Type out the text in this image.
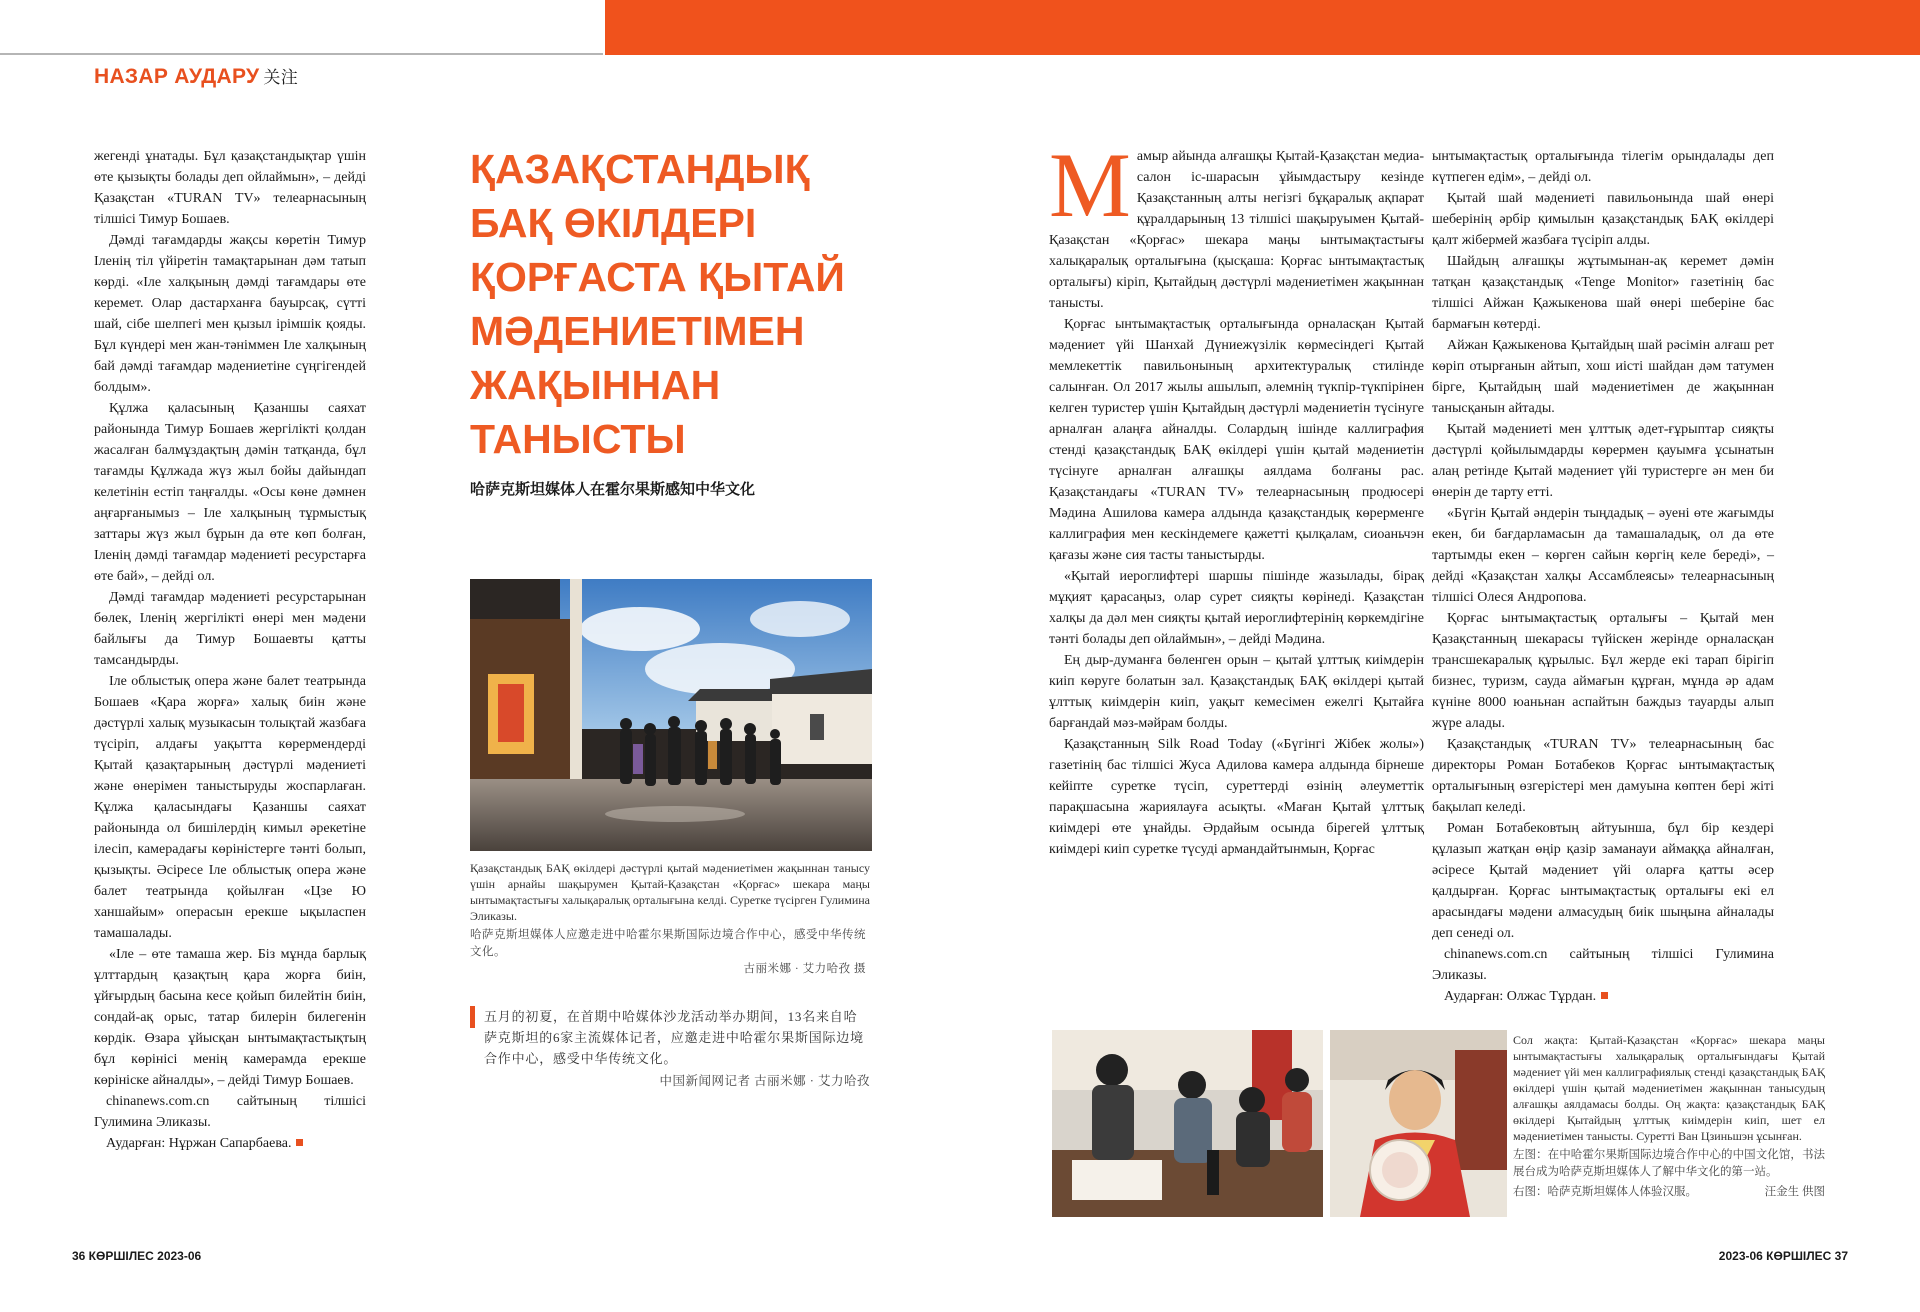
НАЗАР АУДАРУ 关注

жегенді ұнатады. Бұл қазақстандықтар үшін өте қызықты болады деп ойлаймын», – дейді Қазақстан «TURAN TV» телеарнасының тілшісі Тимур Бошаев.

Дәмді тағамдарды жақсы көретін Тимур Іленің тіл үйіретін тамақтарынан дәм татып көрді. «Іле халқының дәмді тағамдары өте керемет. Олар дастарханға бауырсақ, сүтті шай, сібе шелпегі мен қызыл ірімшік қояды. Бұл күндері мен жан-тәніммен Іле халқының бай дәмді тағамдар мәдениетіне сүңгігендей болдым».

Құлжа қаласының Қазаншы саяхат районында Тимур Бошаев жергілікті қолдан жасалған балмұздақтың дәмін татқанда, бұл тағамды Құлжада жүз жыл бойы дайындап келетінін естіп таңғалды. «Осы көне дәмнен аңғарғанымыз – Іле халқының тұрмыстық заттары жүз жыл бұрын да өте көп болған, Іленің дәмді тағамдар мәдениеті ресурстарға өте бай», – дейді ол.

Дәмді тағамдар мәдениеті ресурстарынан бөлек, Іленің жергілікті өнері мен мәдени байлығы да Тимур Бошаевты қатты тамсандырды.

Іле облыстық опера және балет театрында Бошаев «Қара жорға» халық биін және дәстүрлі халық музыкасын толықтай жазбаға түсіріп, алдағы уақытта көрермендерді Қытай қазақтарының дәстүрлі мәдениеті және өнерімен таныстыруды жоспарлаған. Құлжа қаласындағы Қазаншы саяхат районында ол бишілердің кимыл әрекетіне ілесіп, камерадағы көріністерге тәнті болып, қызықты. Әсіресе Іле облыстық опера және балет театрында қойылған «Цзе Ю ханшайым» операсын ерекше ықыласпен тамашалады.

«Іле – өте тамаша жер. Біз мұнда барлық ұлттардың қазақтың қара жорға биін, ұйғырдың басына кесе қойып билейтін биін, сондай-ақ орыс, татар билерін билегенін көрдік. Өзара ұйысқан ынтымақтастықтың бұл көрінісі менің камерамда ерекше көрініске айналды», – дейді Тимур Бошаев.

chinanews.com.cn сайтының тілшісі Гулимина Эликазы.

Аударған: Нұржан Сапарбаева.

ҚАЗАҚСТАНДЫҚ БАҚ ӨКІЛДЕРІ ҚОРҒАСТА ҚЫТАЙ МӘДЕНИЕТІМЕН ЖАҚЫННАН ТАНЫСТЫ
哈萨克斯坦媒体人在霍尔果斯感知中华文化
Қазақстандық БАҚ өкілдері дәстүрлі қытай мәдениетімен жақыннан танысу үшін арнайы шақырумен Қытай-Қазақстан «Қорғас» шекара маңы ынтымақтастығы халықаралық орталығына келді. Суретке түсірген Гулимина Эликазы.
哈萨克斯坦媒体人应邀走进中哈霍尔果斯国际边境合作中心，感受中华传统文化。
古丽米娜 · 艾力哈孜 摄

五月的初夏，在首期中哈媒体沙龙活动举办期间，13名来自哈萨克斯坦的6家主流媒体记者，应邀走进中哈霍尔果斯国际边境合作中心，感受中华传统文化。

中国新闻网记者 古丽米娜 · 艾力哈孜

Мамыр айында алғашқы Қытай-Қазақстан медиа-салон іс-шарасын ұйымдастыру кезінде Қазақстанның алты негізгі бұқаралық ақпарат құралдарының 13 тілшісі шақыруымен Қытай-Қазақстан «Қорғас» шекара маңы ынтымақтастығы халықаралық орталығына (қысқаша: Қорғас ынтымақтастық орталығы) кіріп, Қытайдың дәстүрлі мәдениетімен жақыннан танысты.

Қорғас ынтымақтастық орталығында орналасқан Қытай мәдениет үйі Шанхай Дүниежүзілік көрмесіндегі Қытай мемлекеттік павильонының архитектуралық стилінде салынған. Ол 2017 жылы ашылып, әлемнің түкпір-түкпірінен келген туристер үшін Қытайдың дәстүрлі мәдениетін түсінуге арналған алаңға айналды. Солардың ішінде каллиграфия стенді қазақстандық БАҚ өкілдері үшін қытай мәдениетін түсінуге арналған алғашқы аялдама болғаны рас. Қазақстандағы «TURAN TV» телеарнасының продюсері Мәдина Ашилова камера алдында қазақстандық көрерменге каллиграфия мен кескіндемеге қажетті қылқалам, сиоаньчэн қағазы және сия тасты таныстырды.

«Қытай иероглифтері шаршы пішінде жазылады, бірақ мұқият қарасаңыз, олар сурет сияқты көрінеді. Қазақстан халқы да дәл мен сияқты қытай иероглифтерінің көркемдігіне тәнті болады деп ойлаймын», – дейді Мәдина.

Ең дыр-думанға бөленген орын – қытай ұлттық киімдерін киіп көруге болатын зал. Қазақстандық БАҚ өкілдері қытай ұлттық киімдерін киіп, уақыт кемесімен ежелгі Қытайға барғандай мәз-мәйрам болды.

Қазақстанның Silk Road Today («Бүгінгі Жібек жолы») газетінің бас тілшісі Жуса Адилова камера алдында бірнеше кейіпте суретке түсіп, суреттерді өзінің әлеуметтік парақшасына жариялауға асықты. «Маған Қытай ұлттық киімдері өте ұнайды. Әрдайым осында бірегей ұлттық киімдері киіп суретке түсуді армандайтынмын, Қорғас

ынтымақтастық орталығында тілегім орындалады деп күтпеген едім», – дейді ол.

Қытай шай мәдениеті павильонында шай өнері шеберінің әрбір қимылын қазақстандық БАҚ өкілдері қалт жібермей жазбаға түсіріп алды.

Шайдың алғашқы жұтымынан-ақ керемет дәмін татқан қазақстандық «Tenge Monitor» газетінің бас тілшісі Айжан Қажыкенова шай өнері шеберіне бас бармағын көтерді.

Айжан Қажыкенова Қытайдың шай рәсімін алғаш рет көріп отырғанын айтып, хош иісті шайдан дәм татумен бірге, Қытайдың шай мәдениетімен де жақыннан танысқанын айтады.

Қытай мәдениеті мен ұлттық әдет-ғұрыптар сияқты дәстүрлі қойылымдарды көрермен қауымға ұсынатын алаң ретінде Қытай мәдениет үйі туристерге ән мен би өнерін де тарту етті.

«Бүгін Қытай әндерін тыңдадық – әуені өте жағымды екен, би бағдарламасын да тамашаладық, ол да өте тартымды екен – көрген сайын көргің келе береді», – дейді «Қазақстан халқы Ассамблеясы» телеарнасының тілшісі Олеся Андропова.

Қорғас ынтымақтастық орталығы – Қытай мен Қазақстанның шекарасы түйіскен жерінде орналасқан трансшекаралық құрылыс. Бұл жерде екі тарап бірігіп бизнес, туризм, сауда аймағын құрған, мұнда әр адам күніне 8000 юаньнан аспайтын баждыз тауарды алып жүре алады.

Қазақстандық «TURAN TV» телеарнасының бас директоры Роман Ботабеков Қорғас ынтымақтастық орталығының өзгерістері мен дамуына көптен бері жіті бақылап келеді.

Роман Ботабековтың айтуынша, бұл бір кездері құлазып жатқан өңір қазір заманауи аймаққа айналған, әсіресе Қытай мәдениет үйі оларға қатты әсер қалдырған. Қорғас ынтымақтастық орталығы екі ел арасындағы мәдени алмасудың биік шыңына айналады деп сенеді ол.

chinanews.com.cn сайтының тілшісі Гулимина Эликазы.

Аударған: Олжас Тұрдан.

Сол жақта: Қытай-Қазақстан «Қорғас» шекара маңы ынтымақтастығы халықаралық орталығындағы Қытай мәдениет үйі мен каллиграфиялық стенді қазақстандық БАҚ өкілдері үшін қытай мәдениетімен жақыннан танысудың алғашқы аялдамасы болды. Оң жақта: қазақстандық БАҚ өкілдері Қытайдың ұлттық киімдерін киіп, шет ел мәдениетімен танысты. Суретті Ван Цзиньшэн ұсынған.
左图：在中哈霍尔果斯国际边境合作中心的中国文化馆，书法展台成为哈萨克斯坦媒体人了解中华文化的第一站。
右图：哈萨克斯坦媒体人体验汉服。	汪金生 供图
36 КӨРШІЛЕС 2023-06	2023-06 КӨРШІЛЕС 37
